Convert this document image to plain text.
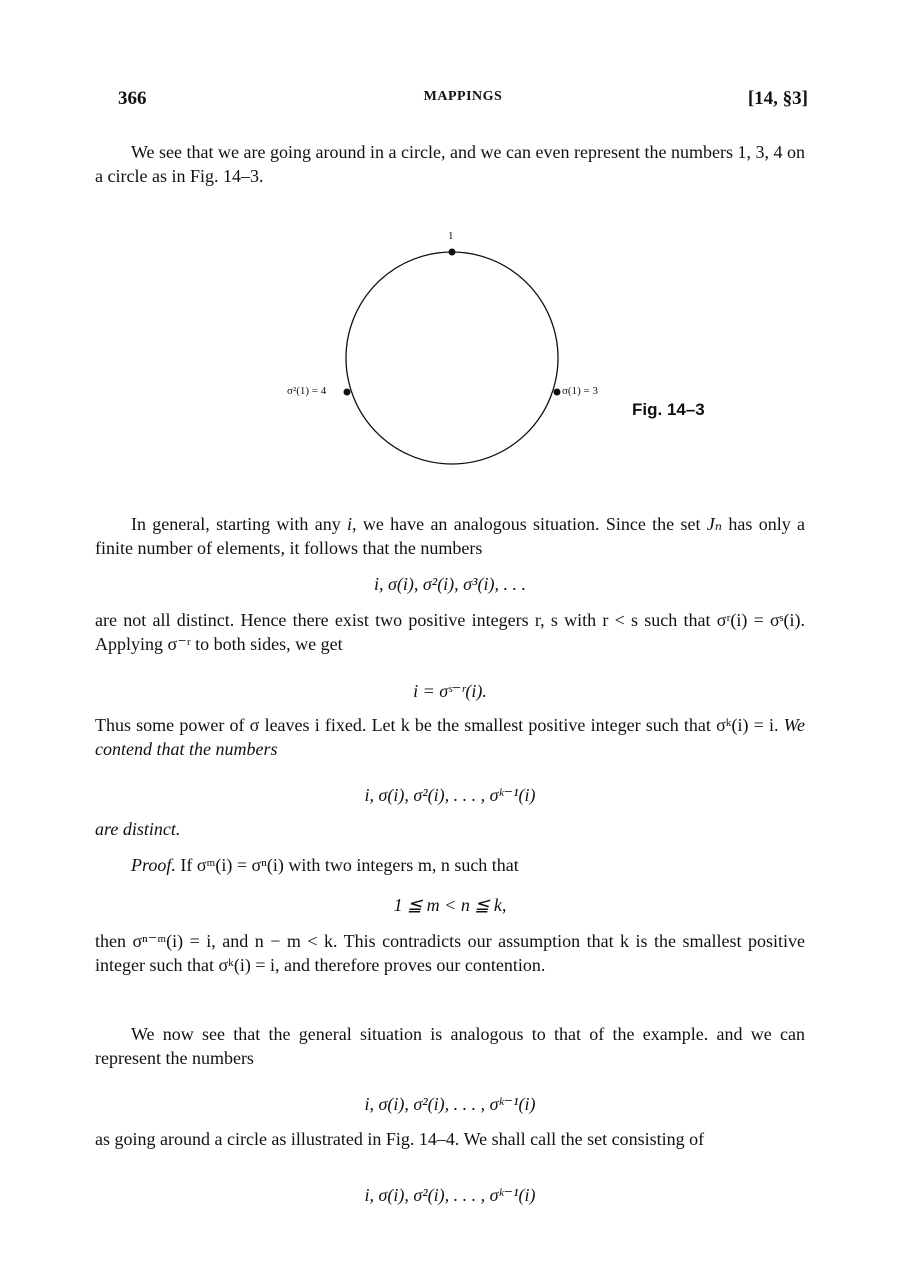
366	MAPPINGS	[14, §3]
We see that we are going around in a circle, and we can even represent the numbers 1, 3, 4 on a circle as in Fig. 14–3.
1
σ²(1) = 4	σ(1) = 3
Fig. 14–3
In general, starting with any i, we have an analogous situation. Since the set Jₙ has only a finite number of elements, it follows that the numbers
i, σ(i), σ²(i), σ³(i), . . .
are not all distinct. Hence there exist two positive integers r, s with r < s such that σʳ(i) = σˢ(i). Applying σ⁻ʳ to both sides, we get
i = σˢ⁻ʳ(i).
Thus some power of σ leaves i fixed. Let k be the smallest positive integer such that σᵏ(i) = i. We contend that the numbers
i, σ(i), σ²(i), . . . , σᵏ⁻¹(i)
are distinct.
Proof. If σᵐ(i) = σⁿ(i) with two integers m, n such that
1 ≦ m < n ≦ k,
then σⁿ⁻ᵐ(i) = i, and n − m < k. This contradicts our assumption that k is the smallest positive integer such that σᵏ(i) = i, and therefore proves our contention.
We now see that the general situation is analogous to that of the example. and we can represent the numbers
i, σ(i), σ²(i), . . . , σᵏ⁻¹(i)
as going around a circle as illustrated in Fig. 14–4. We shall call the set consisting of
i, σ(i), σ²(i), . . . , σᵏ⁻¹(i)
